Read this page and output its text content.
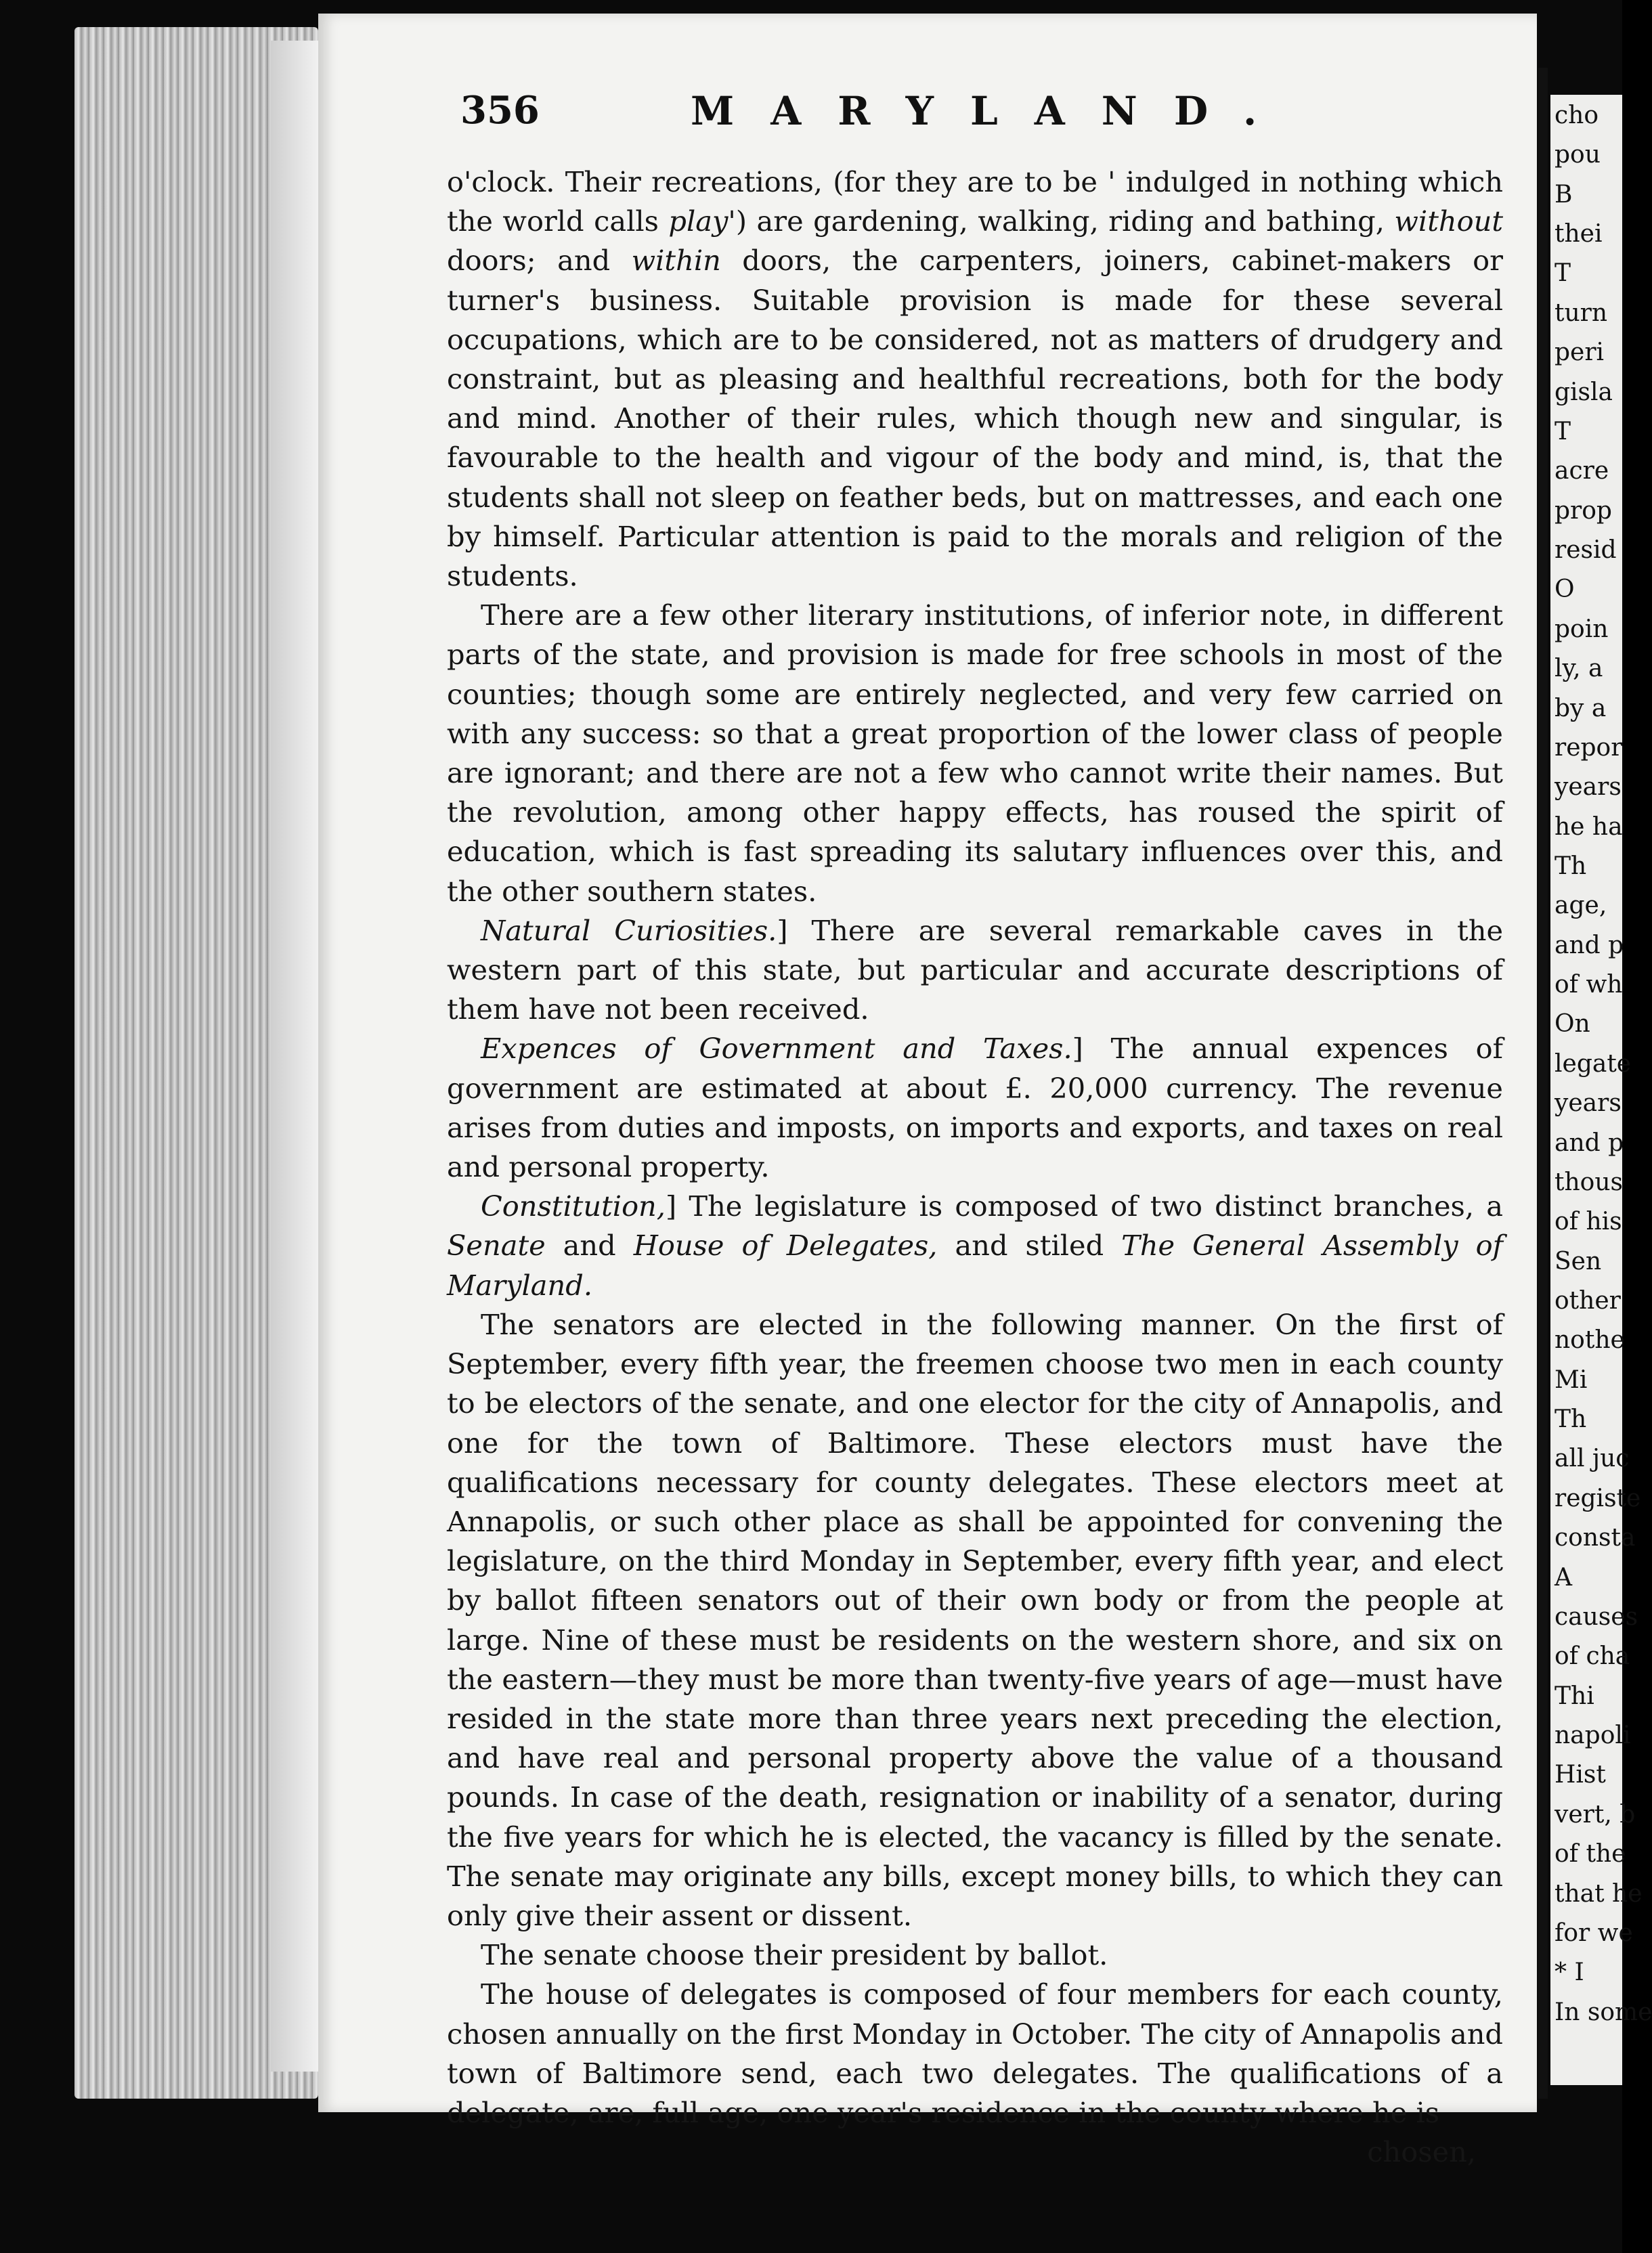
cho
pou
B
thei
T
turn
peri
gisla
T
acre
prop
resid
O
poin
ly, a
by a
repor
years
he ha
Th
age,
and p
of wh
On
legate
years
and p
thous
of his
Sen
other
nothe
Mi
Th
all juc
registe
consta
A
causes
of cha
Thi
napoli
Hist
vert, b
of the
that he
for we
* I
In some
356	MARYLAND.

o'clock. Their recreations, (for they are to be ' indulged in nothing which the world calls play') are gardening, walking, riding and bathing, without doors; and within doors, the carpenters, joiners, cabinet-makers or turner's business. Suitable provision is made for these several occupations, which are to be considered, not as matters of drudgery and constraint, but as pleasing and healthful recreations, both for the body and mind. Another of their rules, which though new and singular, is favourable to the health and vigour of the body and mind, is, that the students shall not sleep on feather beds, but on mattresses, and each one by himself. Particular attention is paid to the morals and religion of the students.

There are a few other literary institutions, of inferior note, in different parts of the state, and provision is made for free schools in most of the counties; though some are entirely neglected, and very few carried on with any success: so that a great proportion of the lower class of people are ignorant; and there are not a few who cannot write their names. But the revolution, among other happy effects, has roused the spirit of education, which is fast spreading its salutary influences over this, and the other southern states.

Natural Curiosities.] There are several remarkable caves in the western part of this state, but particular and accurate descriptions of them have not been received.

Expences of Government and Taxes.] The annual expences of government are estimated at about £. 20,000 currency. The revenue arises from duties and imposts, on imports and exports, and taxes on real and personal property.

Constitution,] The legislature is composed of two distinct branches, a Senate and House of Delegates, and stiled The General Assembly of Maryland.

The senators are elected in the following manner. On the first of September, every fifth year, the freemen choose two men in each county to be electors of the senate, and one elector for the city of Annapolis, and one for the town of Baltimore. These electors must have the qualifications necessary for county delegates. These electors meet at Annapolis, or such other place as shall be appointed for convening the legislature, on the third Monday in September, every fifth year, and elect by ballot fifteen senators out of their own body or from the people at large. Nine of these must be residents on the western shore, and six on the eastern—they must be more than twenty-five years of age—must have resided in the state more than three years next preceding the election, and have real and personal property above the value of a thousand pounds. In case of the death, resignation or inability of a senator, during the five years for which he is elected, the vacancy is filled by the senate. The senate may originate any bills, except money bills, to which they can only give their assent or dissent.

The senate choose their president by ballot.

The house of delegates is composed of four members for each county, chosen annually on the first Monday in October. The city of Annapolis and town of Baltimore send, each two delegates. The qualifications of a delegate, are, full age, one year's residence in the county where he is

chosen,
